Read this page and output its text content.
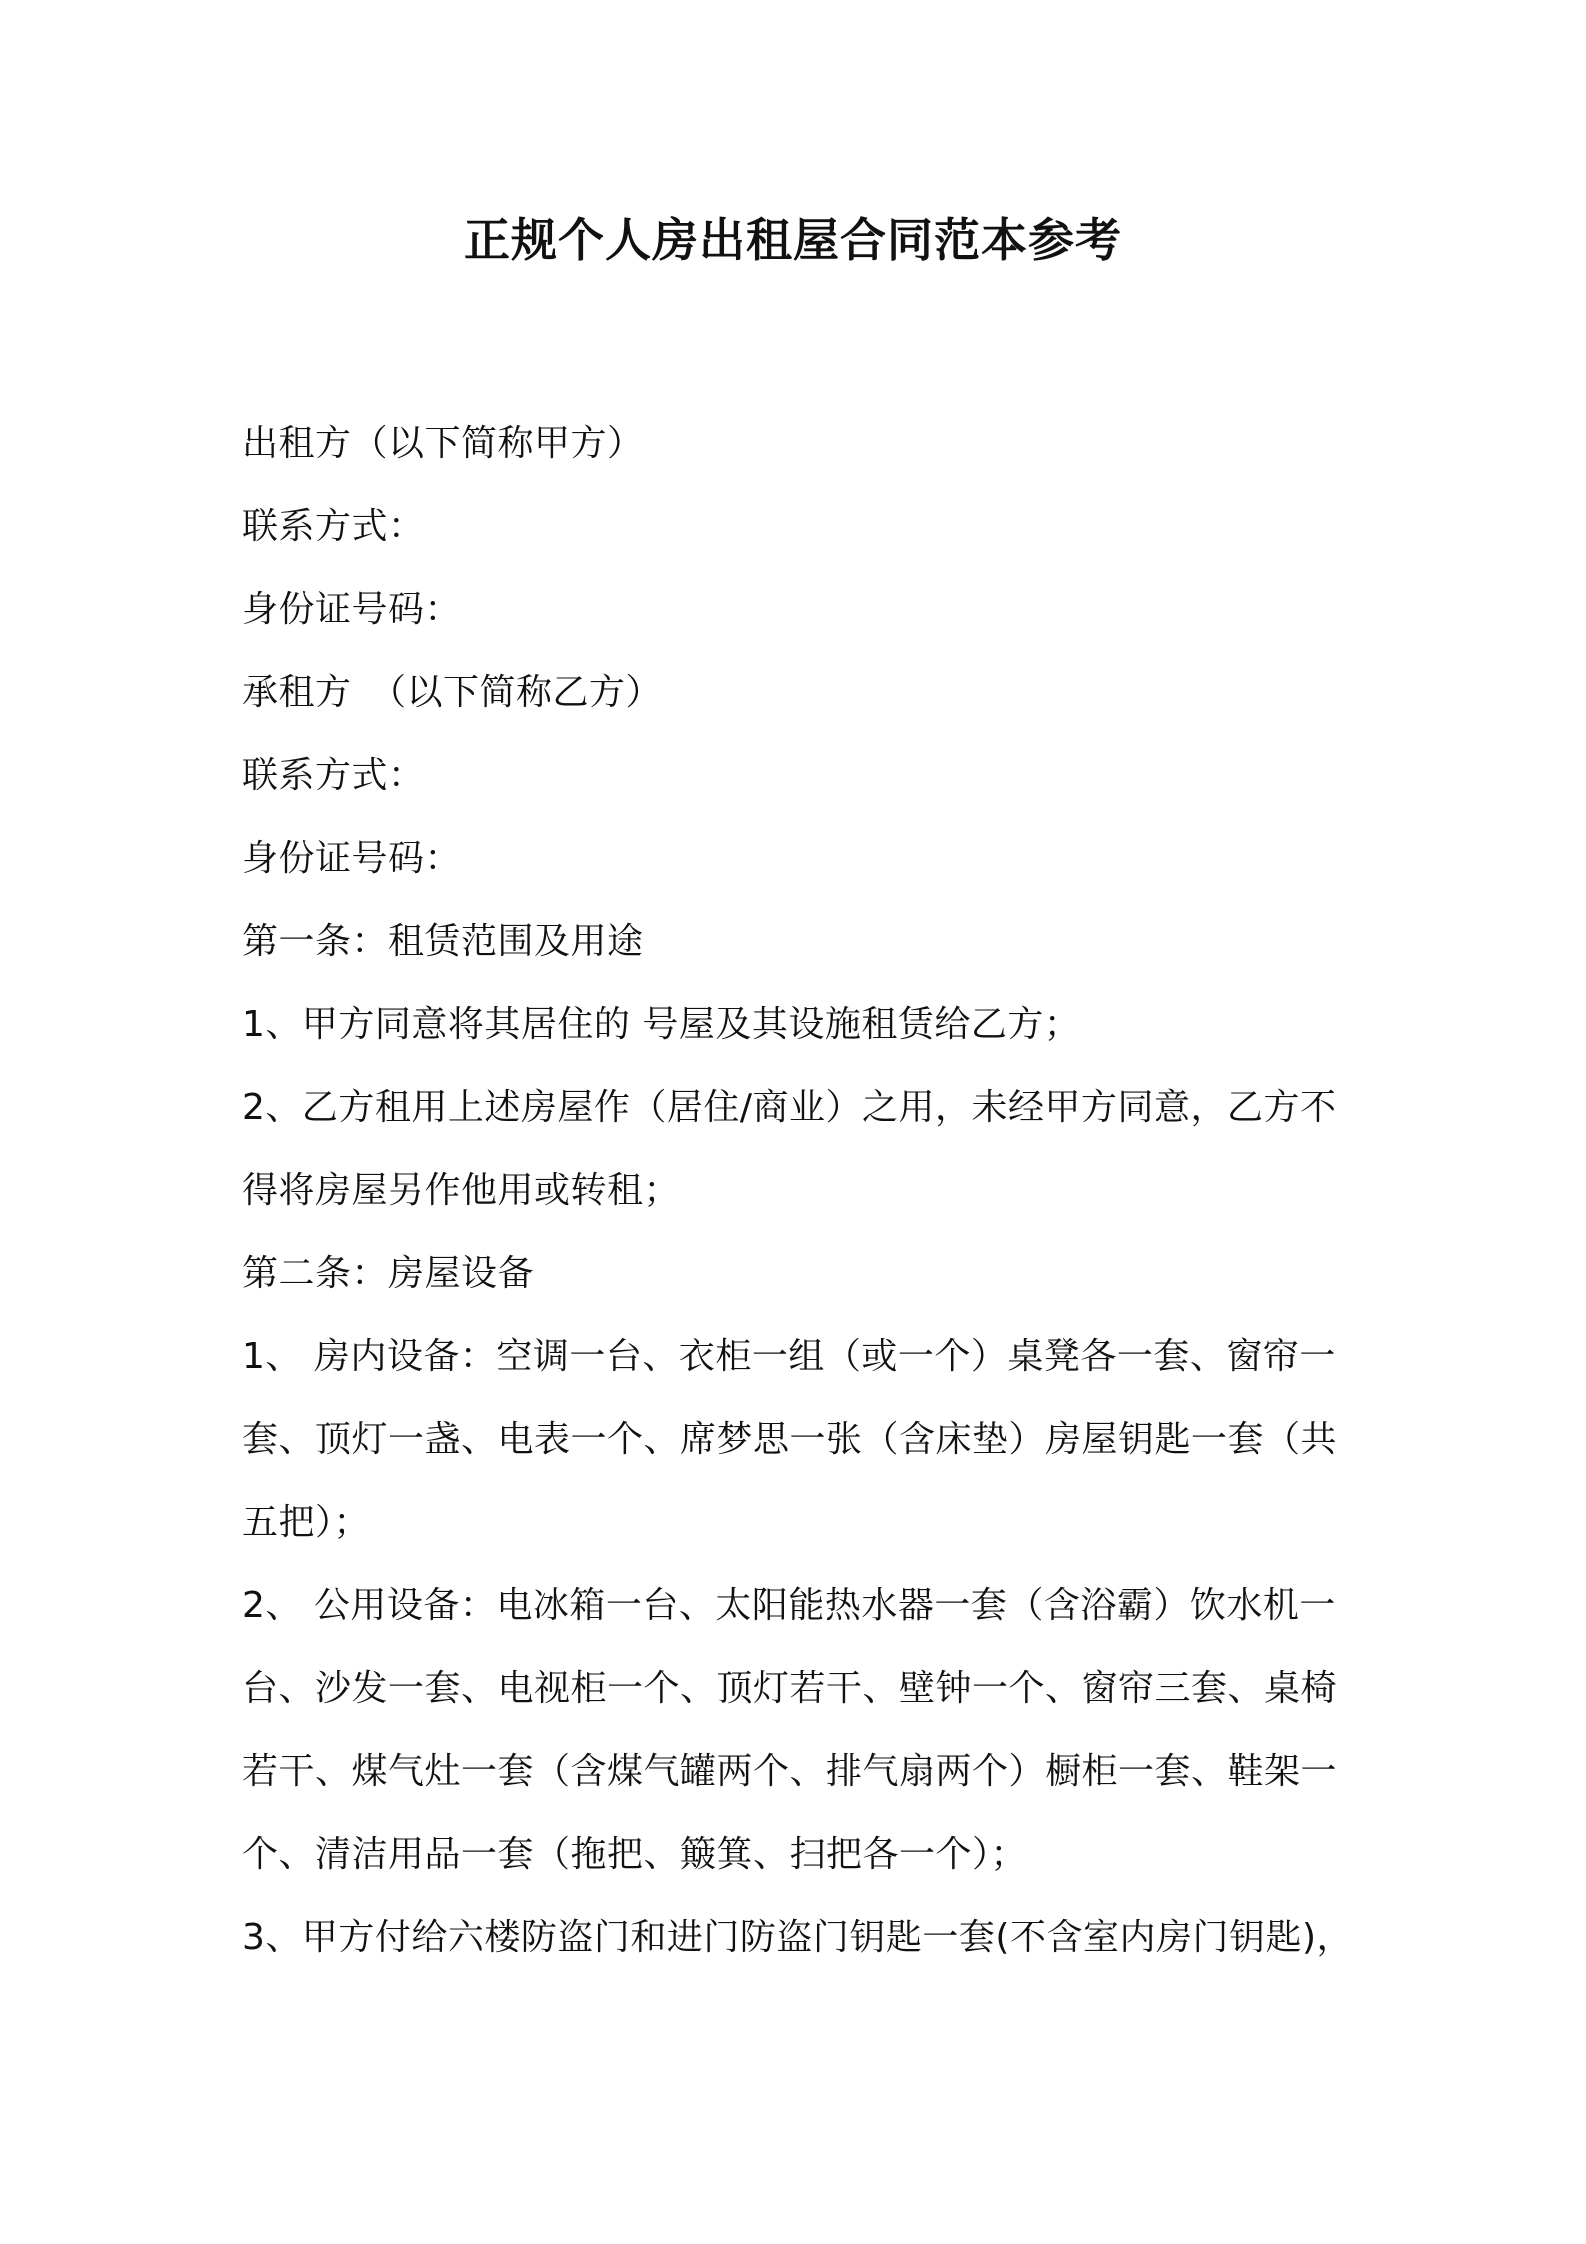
正规个人房出租屋合同范本参考
出租方（以下简称甲方）
联系方式：
身份证号码：
承租方　（以下简称乙方）
联系方式：
身份证号码：
第一条：租赁范围及用途
1、甲方同意将其居住的 号屋及其设施租赁给乙方；
2、乙方租用上述房屋作（居住/商业）之用，未经甲方同意，乙方不
得将房屋另作他用或转租；
第二条：房屋设备
1、 房内设备：空调一台、衣柜一组（或一个）桌凳各一套、窗帘一
套、顶灯一盏、电表一个、席梦思一张（含床垫）房屋钥匙一套（共
五把）；
2、 公用设备：电冰箱一台、太阳能热水器一套（含浴霸）饮水机一
台、沙发一套、电视柜一个、顶灯若干、壁钟一个、窗帘三套、桌椅
若干、煤气灶一套（含煤气罐两个、排气扇两个）橱柜一套、鞋架一
个、清洁用品一套（拖把、簸箕、扫把各一个）；
3、甲方付给六楼防盗门和进门防盗门钥匙一套(不含室内房门钥匙)，
